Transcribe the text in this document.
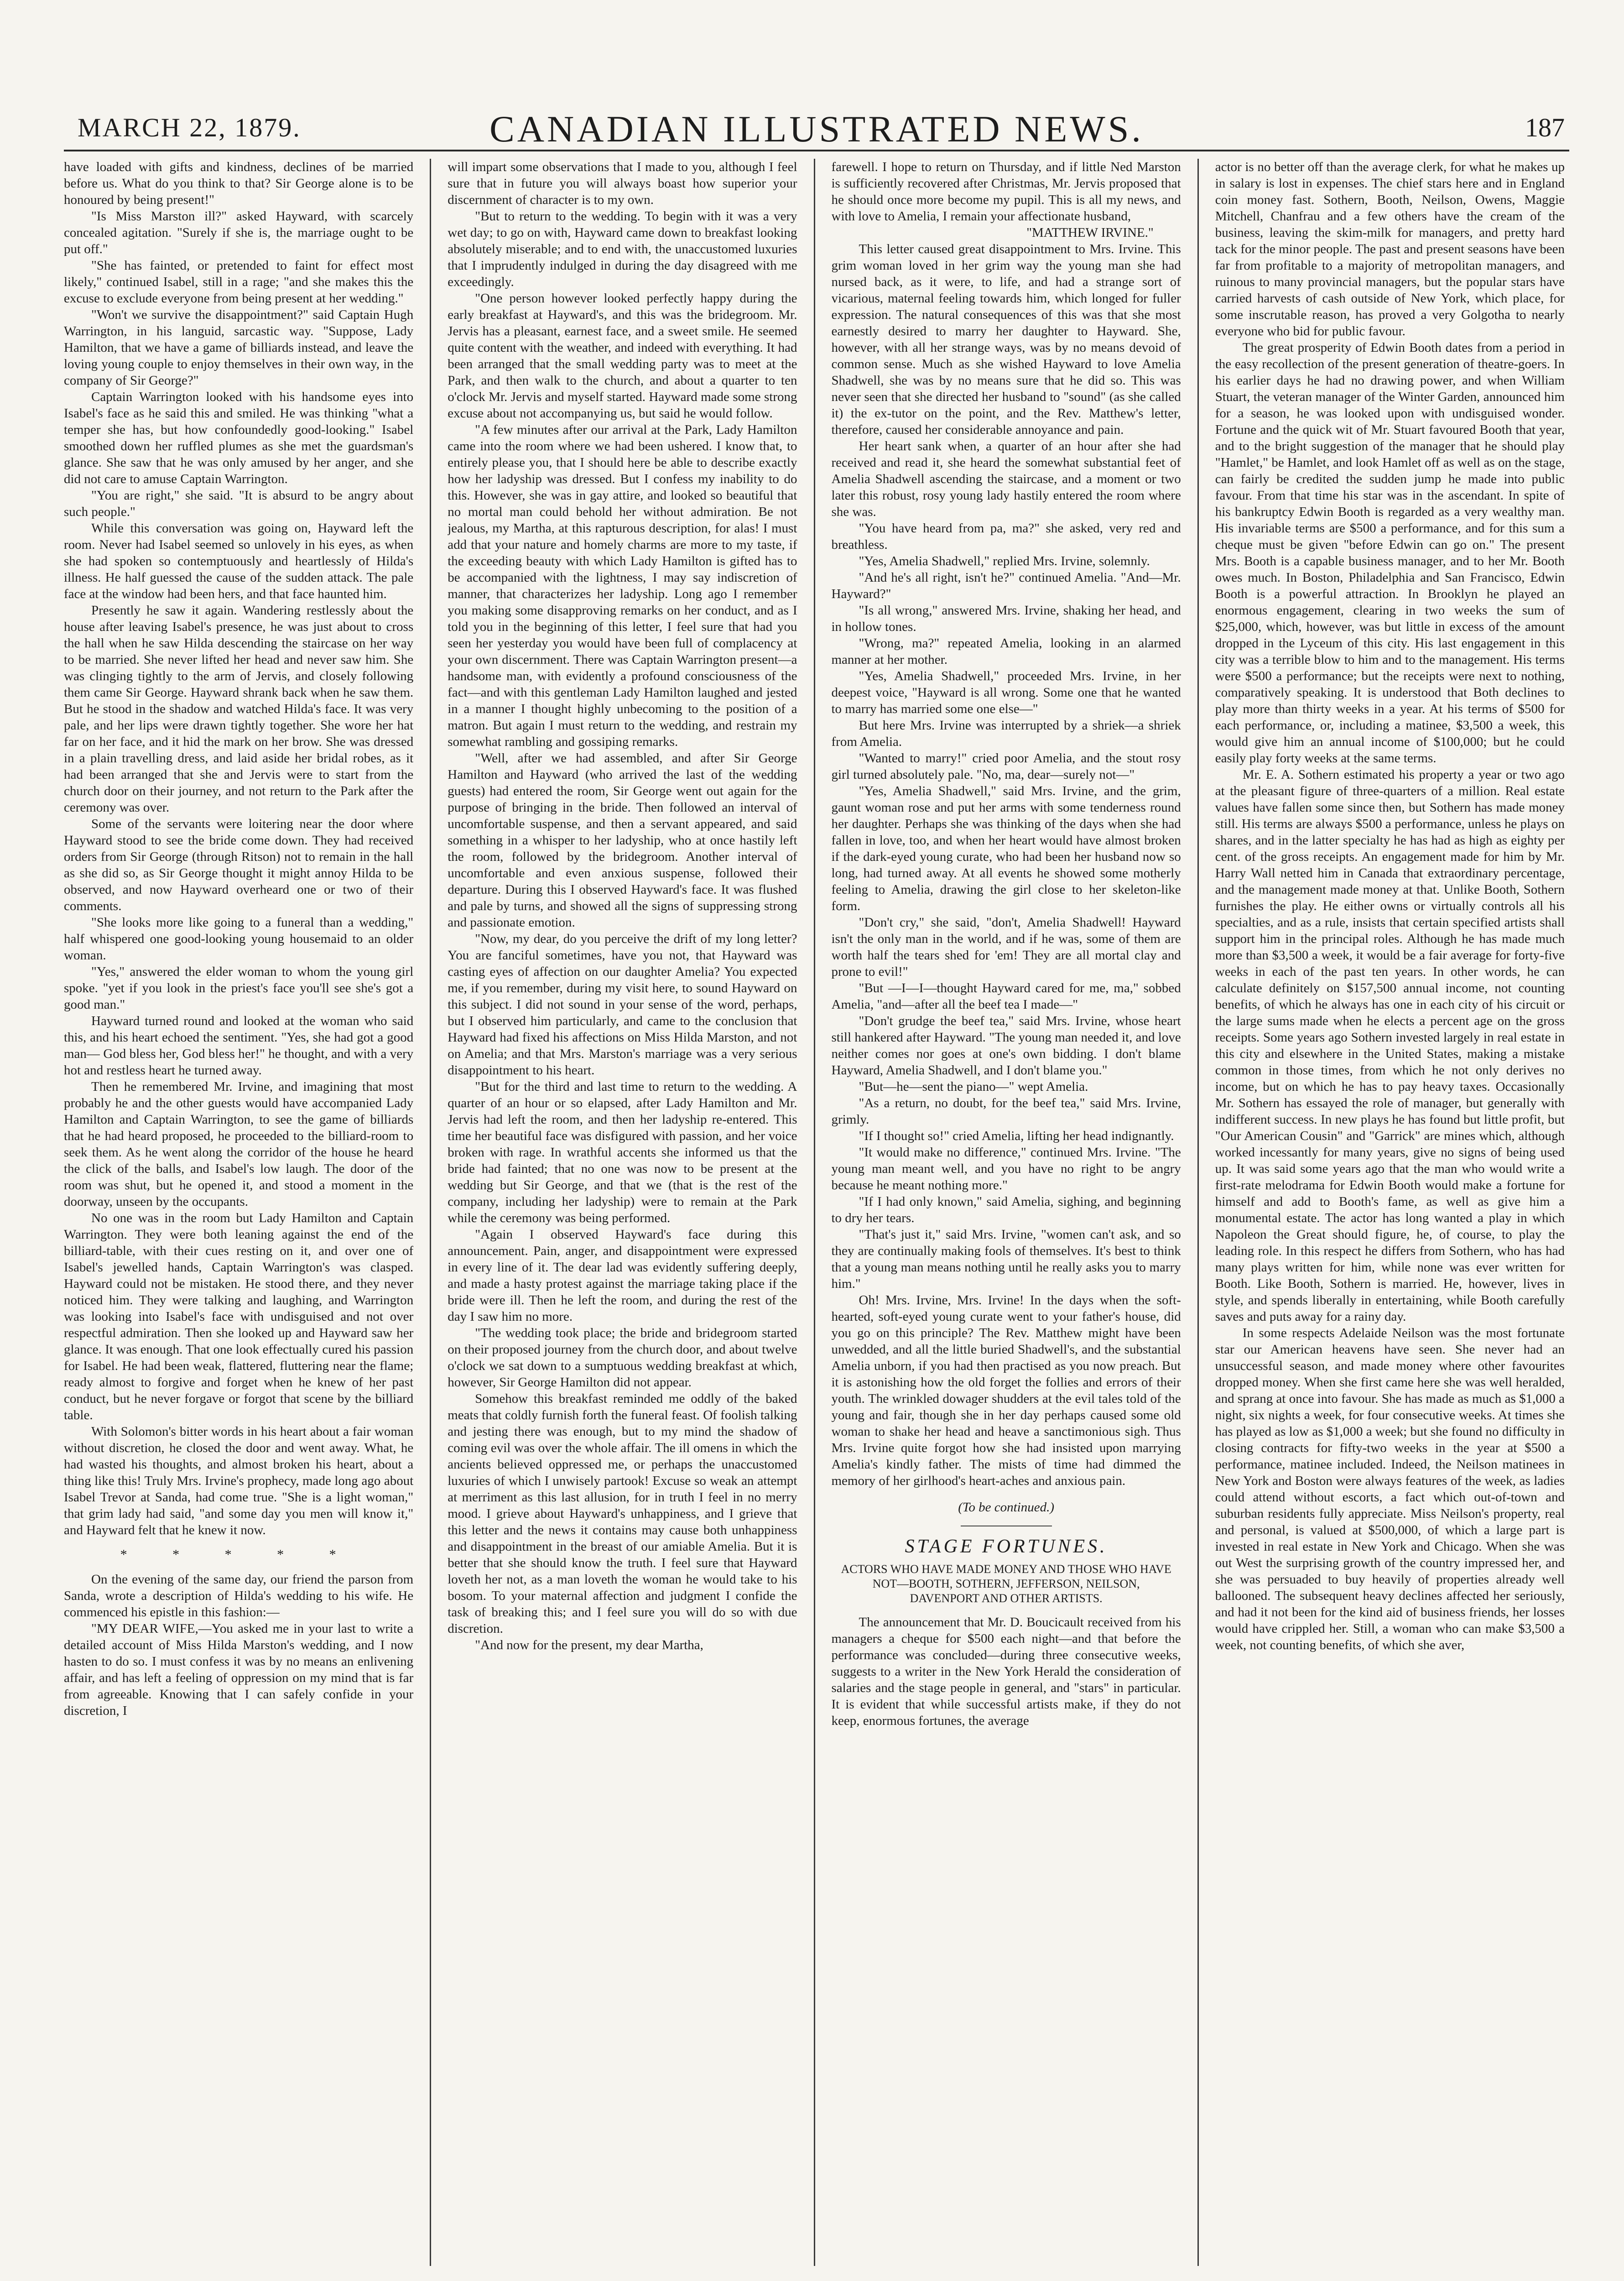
MARCH 22, 1879.	CANADIAN ILLUSTRATED NEWS.	187

have loaded with gifts and kindness, declines of be married before us. What do you think to that? Sir George alone is to be honoured by being present!"

"Is Miss Marston ill?" asked Hayward, with scarcely concealed agitation. "Surely if she is, the marriage ought to be put off."

"She has fainted, or pretended to faint for effect most likely," continued Isabel, still in a rage; "and she makes this the excuse to exclude everyone from being present at her wedding."

"Won't we survive the disappointment?" said Captain Hugh Warrington, in his languid, sarcastic way. "Suppose, Lady Hamilton, that we have a game of billiards instead, and leave the loving young couple to enjoy themselves in their own way, in the company of Sir George?"

Captain Warrington looked with his handsome eyes into Isabel's face as he said this and smiled. He was thinking "what a temper she has, but how confoundedly good-looking." Isabel smoothed down her ruffled plumes as she met the guardsman's glance. She saw that he was only amused by her anger, and she did not care to amuse Captain Warrington.

"You are right," she said. "It is absurd to be angry about such people."

While this conversation was going on, Hayward left the room. Never had Isabel seemed so unlovely in his eyes, as when she had spoken so contemptuously and heartlessly of Hilda's illness. He half guessed the cause of the sudden attack. The pale face at the window had been hers, and that face haunted him.

Presently he saw it again. Wandering restlessly about the house after leaving Isabel's presence, he was just about to cross the hall when he saw Hilda descending the staircase on her way to be married. She never lifted her head and never saw him. She was clinging tightly to the arm of Jervis, and closely following them came Sir George. Hayward shrank back when he saw them. But he stood in the shadow and watched Hilda's face. It was very pale, and her lips were drawn tightly together. She wore her hat far on her face, and it hid the mark on her brow. She was dressed in a plain travelling dress, and laid aside her bridal robes, as it had been arranged that she and Jervis were to start from the church door on their journey, and not return to the Park after the ceremony was over.

Some of the servants were loitering near the door where Hayward stood to see the bride come down. They had received orders from Sir George (through Ritson) not to remain in the hall as she did so, as Sir George thought it might annoy Hilda to be observed, and now Hayward overheard one or two of their comments.

"She looks more like going to a funeral than a wedding," half whispered one good-looking young housemaid to an older woman.

"Yes," answered the elder woman to whom the young girl spoke. "yet if you look in the priest's face you'll see she's got a good man."

Hayward turned round and looked at the woman who said this, and his heart echoed the sentiment. "Yes, she had got a good man— God bless her, God bless her!" he thought, and with a very hot and restless heart he turned away.

Then he remembered Mr. Irvine, and imagining that most probably he and the other guests would have accompanied Lady Hamilton and Captain Warrington, to see the game of billiards that he had heard proposed, he proceeded to the billiard-room to seek them. As he went along the corridor of the house he heard the click of the balls, and Isabel's low laugh. The door of the room was shut, but he opened it, and stood a moment in the doorway, unseen by the occupants.

No one was in the room but Lady Hamilton and Captain Warrington. They were both leaning against the end of the billiard-table, with their cues resting on it, and over one of Isabel's jewelled hands, Captain Warrington's was clasped. Hayward could not be mistaken. He stood there, and they never noticed him. They were talking and laughing, and Warrington was looking into Isabel's face with undisguised and not over respectful admiration. Then she looked up and Hayward saw her glance. It was enough. That one look effectually cured his passion for Isabel. He had been weak, flattered, fluttering near the flame; ready almost to forgive and forget when he knew of her past conduct, but he never forgave or forgot that scene by the billiard table.

With Solomon's bitter words in his heart about a fair woman without discretion, he closed the door and went away. What, he had wasted his thoughts, and almost broken his heart, about a thing like this! Truly Mrs. Irvine's prophecy, made long ago about Isabel Trevor at Sanda, had come true. "She is a light woman," that grim lady had said, "and some day you men will know it," and Hayward felt that he knew it now.

* * * * *

On the evening of the same day, our friend the parson from Sanda, wrote a description of Hilda's wedding to his wife. He commenced his epistle in this fashion:—

"MY DEAR WIFE,—You asked me in your last to write a detailed account of Miss Hilda Marston's wedding, and I now hasten to do so. I must confess it was by no means an enlivening affair, and has left a feeling of oppression on my mind that is far from agreeable. Knowing that I can safely confide in your discretion, I

will impart some observations that I made to you, although I feel sure that in future you will always boast how superior your discernment of character is to my own.

"But to return to the wedding. To begin with it was a very wet day; to go on with, Hayward came down to breakfast looking absolutely miserable; and to end with, the unaccustomed luxuries that I imprudently indulged in during the day disagreed with me exceedingly.

"One person however looked perfectly happy during the early breakfast at Hayward's, and this was the bridegroom. Mr. Jervis has a pleasant, earnest face, and a sweet smile. He seemed quite content with the weather, and indeed with everything. It had been arranged that the small wedding party was to meet at the Park, and then walk to the church, and about a quarter to ten o'clock Mr. Jervis and myself started. Hayward made some strong excuse about not accompanying us, but said he would follow.

"A few minutes after our arrival at the Park, Lady Hamilton came into the room where we had been ushered. I know that, to entirely please you, that I should here be able to describe exactly how her ladyship was dressed. But I confess my inability to do this. However, she was in gay attire, and looked so beautiful that no mortal man could behold her without admiration. Be not jealous, my Martha, at this rapturous description, for alas! I must add that your nature and homely charms are more to my taste, if the exceeding beauty with which Lady Hamilton is gifted has to be accompanied with the lightness, I may say indiscretion of manner, that characterizes her ladyship. Long ago I remember you making some disapproving remarks on her conduct, and as I told you in the beginning of this letter, I feel sure that had you seen her yesterday you would have been full of complacency at your own discernment. There was Captain Warrington present—a handsome man, with evidently a profound consciousness of the fact—and with this gentleman Lady Hamilton laughed and jested in a manner I thought highly unbecoming to the position of a matron. But again I must return to the wedding, and restrain my somewhat rambling and gossiping remarks.

"Well, after we had assembled, and after Sir George Hamilton and Hayward (who arrived the last of the wedding guests) had entered the room, Sir George went out again for the purpose of bringing in the bride. Then followed an interval of uncomfortable suspense, and then a servant appeared, and said something in a whisper to her ladyship, who at once hastily left the room, followed by the bridegroom. Another interval of uncomfortable and even anxious suspense, followed their departure. During this I observed Hayward's face. It was flushed and pale by turns, and showed all the signs of suppressing strong and passionate emotion.

"Now, my dear, do you perceive the drift of my long letter? You are fanciful sometimes, have you not, that Hayward was casting eyes of affection on our daughter Amelia? You expected me, if you remember, during my visit here, to sound Hayward on this subject. I did not sound in your sense of the word, perhaps, but I observed him particularly, and came to the conclusion that Hayward had fixed his affections on Miss Hilda Marston, and not on Amelia; and that Mrs. Marston's marriage was a very serious disappointment to his heart.

"But for the third and last time to return to the wedding. A quarter of an hour or so elapsed, after Lady Hamilton and Mr. Jervis had left the room, and then her ladyship re-entered. This time her beautiful face was disfigured with passion, and her voice broken with rage. In wrathful accents she informed us that the bride had fainted; that no one was now to be present at the wedding but Sir George, and that we (that is the rest of the company, including her ladyship) were to remain at the Park while the ceremony was being performed.

"Again I observed Hayward's face during this announcement. Pain, anger, and disappointment were expressed in every line of it. The dear lad was evidently suffering deeply, and made a hasty protest against the marriage taking place if the bride were ill. Then he left the room, and during the rest of the day I saw him no more.

"The wedding took place; the bride and bridegroom started on their proposed journey from the church door, and about twelve o'clock we sat down to a sumptuous wedding breakfast at which, however, Sir George Hamilton did not appear.

Somehow this breakfast reminded me oddly of the baked meats that coldly furnish forth the funeral feast. Of foolish talking and jesting there was enough, but to my mind the shadow of coming evil was over the whole affair. The ill omens in which the ancients believed oppressed me, or perhaps the unaccustomed luxuries of which I unwisely partook! Excuse so weak an attempt at merriment as this last allusion, for in truth I feel in no merry mood. I grieve about Hayward's unhappiness, and I grieve that this letter and the news it contains may cause both unhappiness and disappointment in the breast of our amiable Amelia. But it is better that she should know the truth. I feel sure that Hayward loveth her not, as a man loveth the woman he would take to his bosom. To your maternal affection and judgment I confide the task of breaking this; and I feel sure you will do so with due discretion.

"And now for the present, my dear Martha,

farewell. I hope to return on Thursday, and if little Ned Marston is sufficiently recovered after Christmas, Mr. Jervis proposed that he should once more become my pupil. This is all my news, and with love to Amelia, I remain your affectionate husband,

"MATTHEW IRVINE."

This letter caused great disappointment to Mrs. Irvine. This grim woman loved in her grim way the young man she had nursed back, as it were, to life, and had a strange sort of vicarious, maternal feeling towards him, which longed for fuller expression. The natural consequences of this was that she most earnestly desired to marry her daughter to Hayward. She, however, with all her strange ways, was by no means devoid of common sense. Much as she wished Hayward to love Amelia Shadwell, she was by no means sure that he did so. This was never seen that she directed her husband to "sound" (as she called it) the ex-tutor on the point, and the Rev. Matthew's letter, therefore, caused her considerable annoyance and pain.

Her heart sank when, a quarter of an hour after she had received and read it, she heard the somewhat substantial feet of Amelia Shadwell ascending the staircase, and a moment or two later this robust, rosy young lady hastily entered the room where she was.

"You have heard from pa, ma?" she asked, very red and breathless.

"Yes, Amelia Shadwell," replied Mrs. Irvine, solemnly.

"And he's all right, isn't he?" continued Amelia. "And—Mr. Hayward?"

"Is all wrong," answered Mrs. Irvine, shaking her head, and in hollow tones.

"Wrong, ma?" repeated Amelia, looking in an alarmed manner at her mother.

"Yes, Amelia Shadwell," proceeded Mrs. Irvine, in her deepest voice, "Hayward is all wrong. Some one that he wanted to marry has married some one else—"

But here Mrs. Irvine was interrupted by a shriek—a shriek from Amelia.

"Wanted to marry!" cried poor Amelia, and the stout rosy girl turned absolutely pale. "No, ma, dear—surely not—"

"Yes, Amelia Shadwell," said Mrs. Irvine, and the grim, gaunt woman rose and put her arms with some tenderness round her daughter. Perhaps she was thinking of the days when she had fallen in love, too, and when her heart would have almost broken if the dark-eyed young curate, who had been her husband now so long, had turned away. At all events he showed some motherly feeling to Amelia, drawing the girl close to her skeleton-like form.

"Don't cry," she said, "don't, Amelia Shadwell! Hayward isn't the only man in the world, and if he was, some of them are worth half the tears shed for 'em! They are all mortal clay and prone to evil!"

"But —I—I—thought Hayward cared for me, ma," sobbed Amelia, "and—after all the beef tea I made—"

"Don't grudge the beef tea," said Mrs. Irvine, whose heart still hankered after Hayward. "The young man needed it, and love neither comes nor goes at one's own bidding. I don't blame Hayward, Amelia Shadwell, and I don't blame you."

"But—he—sent the piano—" wept Amelia.

"As a return, no doubt, for the beef tea," said Mrs. Irvine, grimly.

"If I thought so!" cried Amelia, lifting her head indignantly.

"It would make no difference," continued Mrs. Irvine. "The young man meant well, and you have no right to be angry because he meant nothing more."

"If I had only known," said Amelia, sighing, and beginning to dry her tears.

"That's just it," said Mrs. Irvine, "women can't ask, and so they are continually making fools of themselves. It's best to think that a young man means nothing until he really asks you to marry him."

Oh! Mrs. Irvine, Mrs. Irvine! In the days when the soft-hearted, soft-eyed young curate went to your father's house, did you go on this principle? The Rev. Matthew might have been unwedded, and all the little buried Shadwell's, and the substantial Amelia unborn, if you had then practised as you now preach. But it is astonishing how the old forget the follies and errors of their youth. The wrinkled dowager shudders at the evil tales told of the young and fair, though she in her day perhaps caused some old woman to shake her head and heave a sanctimonious sigh. Thus Mrs. Irvine quite forgot how she had insisted upon marrying Amelia's kindly father. The mists of time had dimmed the memory of her girlhood's heart-aches and anxious pain.

(To be continued.)
STAGE FORTUNES.
ACTORS WHO HAVE MADE MONEY AND THOSE WHO HAVE NOT—BOOTH, SOTHERN, JEFFERSON, NEILSON, DAVENPORT AND OTHER ARTISTS.

The announcement that Mr. D. Boucicault received from his managers a cheque for $500 each night—and that before the performance was concluded—during three consecutive weeks, suggests to a writer in the New York Herald the consideration of salaries and the stage people in general, and "stars" in particular. It is evident that while successful artists make, if they do not keep, enormous fortunes, the average

actor is no better off than the average clerk, for what he makes up in salary is lost in expenses. The chief stars here and in England coin money fast. Sothern, Booth, Neilson, Owens, Maggie Mitchell, Chanfrau and a few others have the cream of the business, leaving the skim-milk for managers, and pretty hard tack for the minor people. The past and present seasons have been far from profitable to a majority of metropolitan managers, and ruinous to many provincial managers, but the popular stars have carried harvests of cash outside of New York, which place, for some inscrutable reason, has proved a very Golgotha to nearly everyone who bid for public favour.

The great prosperity of Edwin Booth dates from a period in the easy recollection of the present generation of theatre-goers. In his earlier days he had no drawing power, and when William Stuart, the veteran manager of the Winter Garden, announced him for a season, he was looked upon with undisguised wonder. Fortune and the quick wit of Mr. Stuart favoured Booth that year, and to the bright suggestion of the manager that he should play "Hamlet," be Hamlet, and look Hamlet off as well as on the stage, can fairly be credited the sudden jump he made into public favour. From that time his star was in the ascendant. In spite of his bankruptcy Edwin Booth is regarded as a very wealthy man. His invariable terms are $500 a performance, and for this sum a cheque must be given "before Edwin can go on." The present Mrs. Booth is a capable business manager, and to her Mr. Booth owes much. In Boston, Philadelphia and San Francisco, Edwin Booth is a powerful attraction. In Brooklyn he played an enormous engagement, clearing in two weeks the sum of $25,000, which, however, was but little in excess of the amount dropped in the Lyceum of this city. His last engagement in this city was a terrible blow to him and to the management. His terms were $500 a performance; but the receipts were next to nothing, comparatively speaking. It is understood that Both declines to play more than thirty weeks in a year. At his terms of $500 for each performance, or, including a matinee, $3,500 a week, this would give him an annual income of $100,000; but he could easily play forty weeks at the same terms.

Mr. E. A. Sothern estimated his property a year or two ago at the pleasant figure of three-quarters of a million. Real estate values have fallen some since then, but Sothern has made money still. His terms are always $500 a performance, unless he plays on shares, and in the latter specialty he has had as high as eighty per cent. of the gross receipts. An engagement made for him by Mr. Harry Wall netted him in Canada that extraordinary percentage, and the management made money at that. Unlike Booth, Sothern furnishes the play. He either owns or virtually controls all his specialties, and as a rule, insists that certain specified artists shall support him in the principal roles. Although he has made much more than $3,500 a week, it would be a fair average for forty-five weeks in each of the past ten years. In other words, he can calculate definitely on $157,500 annual income, not counting benefits, of which he always has one in each city of his circuit or the large sums made when he elects a percent age on the gross receipts. Some years ago Sothern invested largely in real estate in this city and elsewhere in the United States, making a mistake common in those times, from which he not only derives no income, but on which he has to pay heavy taxes. Occasionally Mr. Sothern has essayed the role of manager, but generally with indifferent success. In new plays he has found but little profit, but "Our American Cousin" and "Garrick" are mines which, although worked incessantly for many years, give no signs of being used up. It was said some years ago that the man who would write a first-rate melodrama for Edwin Booth would make a fortune for himself and add to Booth's fame, as well as give him a monumental estate. The actor has long wanted a play in which Napoleon the Great should figure, he, of course, to play the leading role. In this respect he differs from Sothern, who has had many plays written for him, while none was ever written for Booth. Like Booth, Sothern is married. He, however, lives in style, and spends liberally in entertaining, while Booth carefully saves and puts away for a rainy day.

In some respects Adelaide Neilson was the most fortunate star our American heavens have seen. She never had an unsuccessful season, and made money where other favourites dropped money. When she first came here she was well heralded, and sprang at once into favour. She has made as much as $1,000 a night, six nights a week, for four consecutive weeks. At times she has played as low as $1,000 a week; but she found no difficulty in closing contracts for fifty-two weeks in the year at $500 a performance, matinee included. Indeed, the Neilson matinees in New York and Boston were always features of the week, as ladies could attend without escorts, a fact which out-of-town and suburban residents fully appreciate. Miss Neilson's property, real and personal, is valued at $500,000, of which a large part is invested in real estate in New York and Chicago. When she was out West the surprising growth of the country impressed her, and she was persuaded to buy heavily of properties already well ballooned. The subsequent heavy declines affected her seriously, and had it not been for the kind aid of business friends, her losses would have crippled her. Still, a woman who can make $3,500 a week, not counting benefits, of which she aver,
